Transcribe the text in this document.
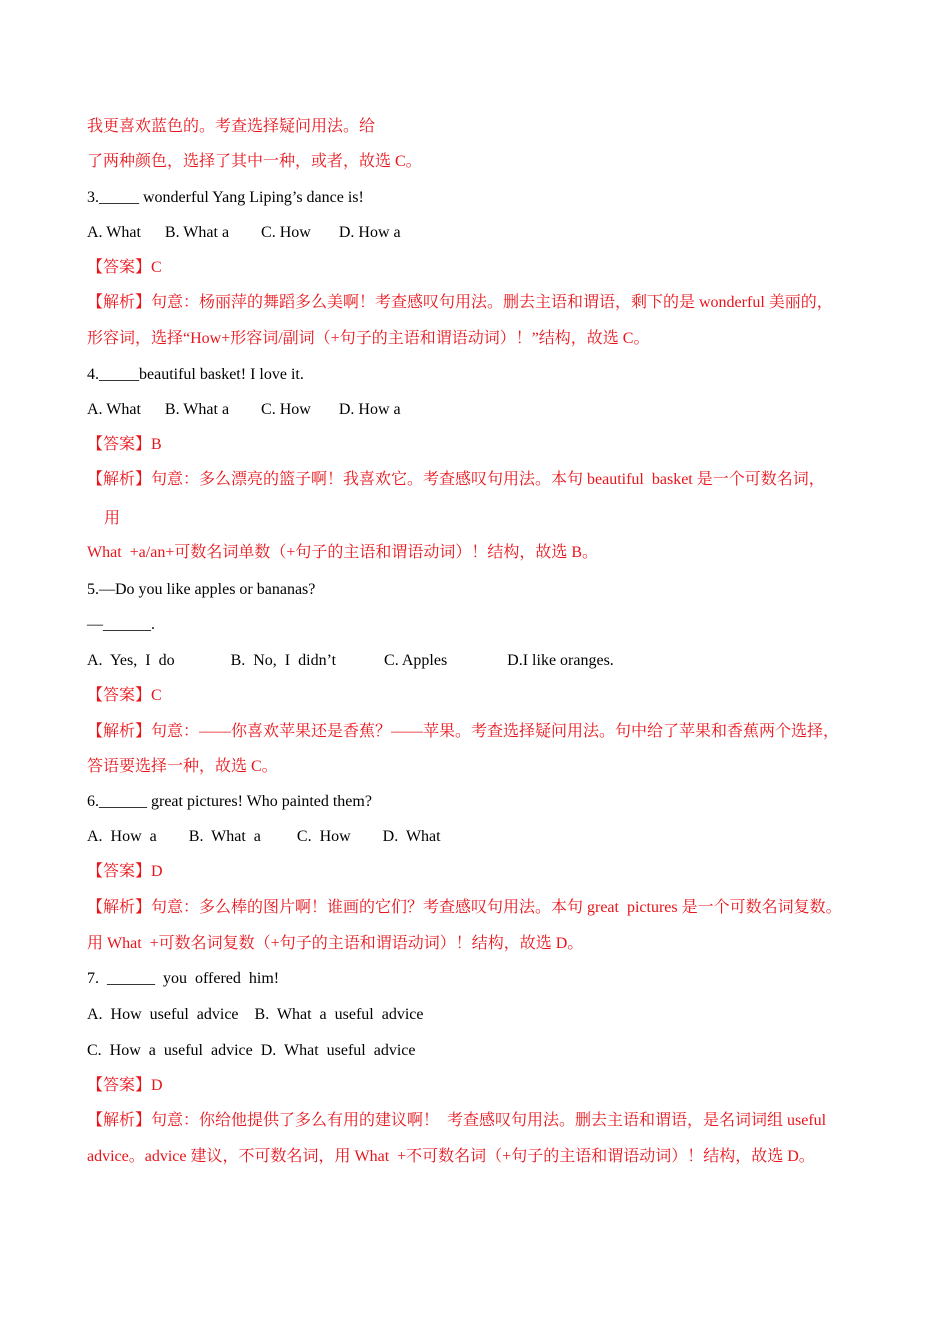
我更喜欢蓝色的。考查选择疑问用法。给

了两种颜色，选择了其中一种，或者，故选 C。

3._____ wonderful Yang Liping’s dance is!

A. What      B. What a        C. How       D. How a

【答案】C

【解析】句意：杨丽萍的舞蹈多么美啊！考查感叹句用法。删去主语和谓语，剩下的是 wonderful 美丽的，

形容词，选择“How+形容词/副词（+句子的主语和谓语动词）！”结构，故选 C。

4._____beautiful basket! I love it.

A. What      B. What a        C. How       D. How a

【答案】B

【解析】句意：多么漂亮的篮子啊！我喜欢它。考查感叹句用法。本句 beautiful  basket 是一个可数名词，

用

What  +a/an+可数名词单数（+句子的主语和谓语动词）！结构，故选 B。

5.—Do you like apples or bananas?

—______.

A.  Yes,  I  do              B.  No,  I  didn’t            C. Apples               D.I like oranges.

【答案】C

【解析】句意：——你喜欢苹果还是香蕉？——苹果。考查选择疑问用法。句中给了苹果和香蕉两个选择，

答语要选择一种，故选 C。

6.______ great pictures! Who painted them?

A.  How  a        B.  What  a         C.  How        D.  What

【答案】D

【解析】句意：多么棒的图片啊！谁画的它们？考查感叹句用法。本句 great  pictures 是一个可数名词复数。

用 What  +可数名词复数（+句子的主语和谓语动词）！结构，故选 D。

7.  ______  you  offered  him!

A.  How  useful  advice    B.  What  a  useful  advice

C.  How  a  useful  advice  D.  What  useful  advice

【答案】D

【解析】句意：你给他提供了多么有用的建议啊！  考查感叹句用法。删去主语和谓语，是名词词组 useful

advice。advice 建议，不可数名词，用 What  +不可数名词（+句子的主语和谓语动词）！结构，故选 D。
